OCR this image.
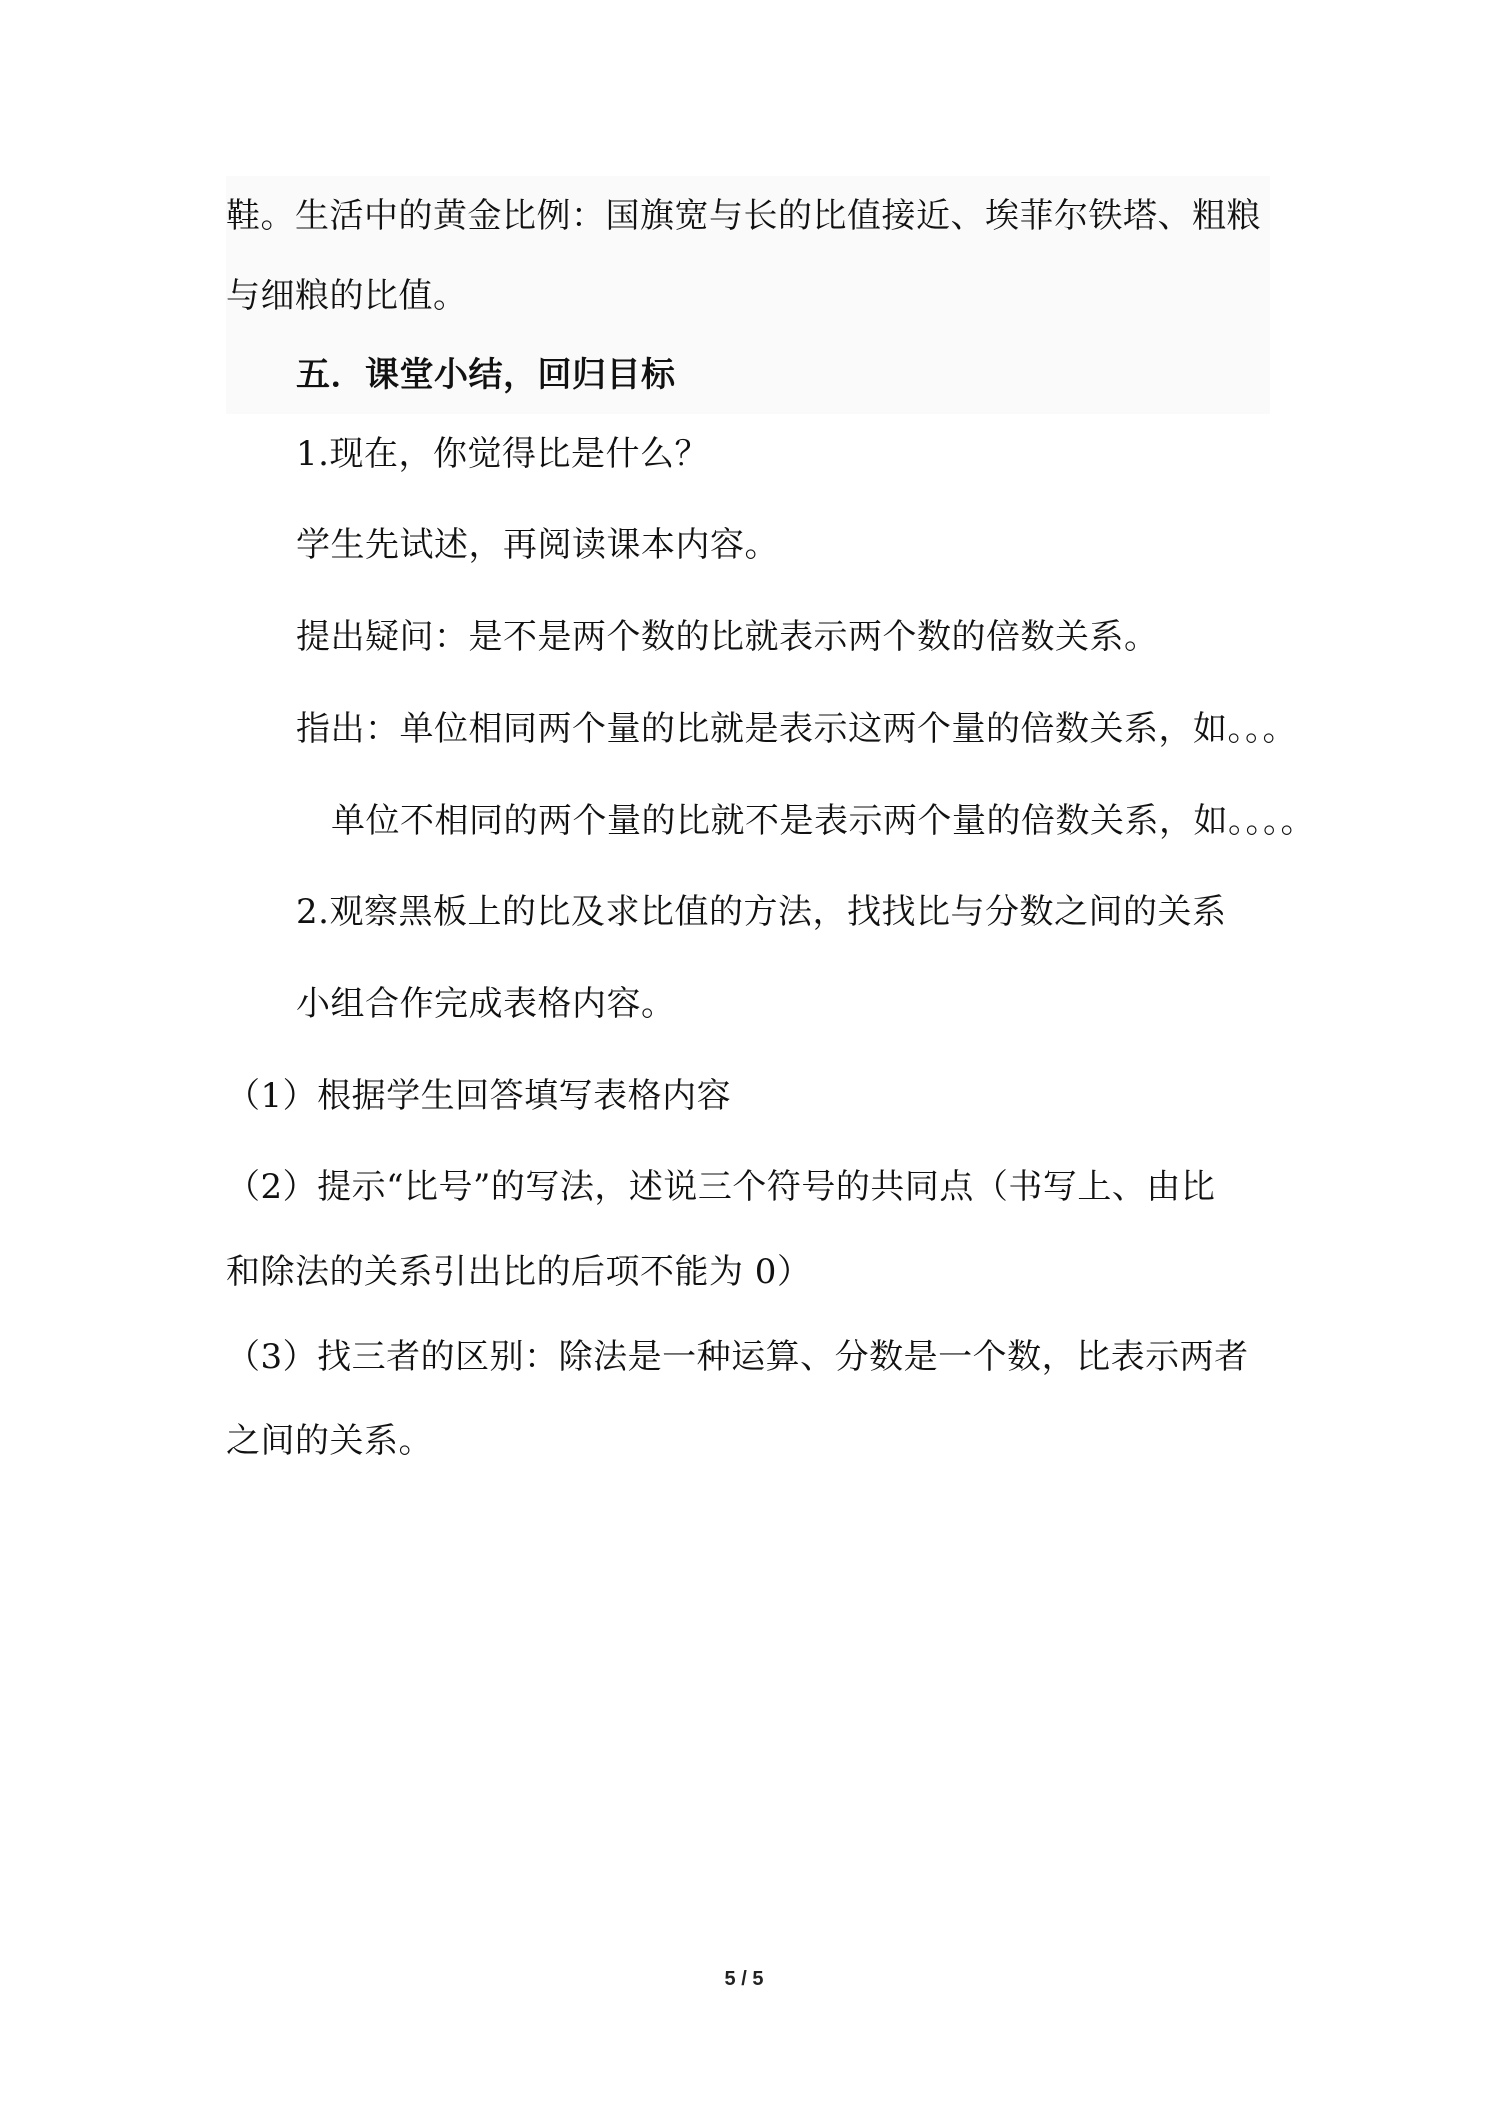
鞋。生活中的黄金比例：国旗宽与长的比值接近、埃菲尔铁塔、粗粮
与细粮的比值。
五．课堂小结，回归目标
1.现在，你觉得比是什么？
学生先试述，再阅读课本内容。
提出疑问：是不是两个数的比就表示两个数的倍数关系。
指出：单位相同两个量的比就是表示这两个量的倍数关系，如。。。
单位不相同的两个量的比就不是表示两个量的倍数关系，如。。。。
2.观察黑板上的比及求比值的方法，找找比与分数之间的关系
小组合作完成表格内容。
（1）根据学生回答填写表格内容
（2）提示“比号”的写法，述说三个符号的共同点（书写上、由比
和除法的关系引出比的后项不能为 0）
（3）找三者的区别：除法是一种运算、分数是一个数，比表示两者
之间的关系。
5 / 5
